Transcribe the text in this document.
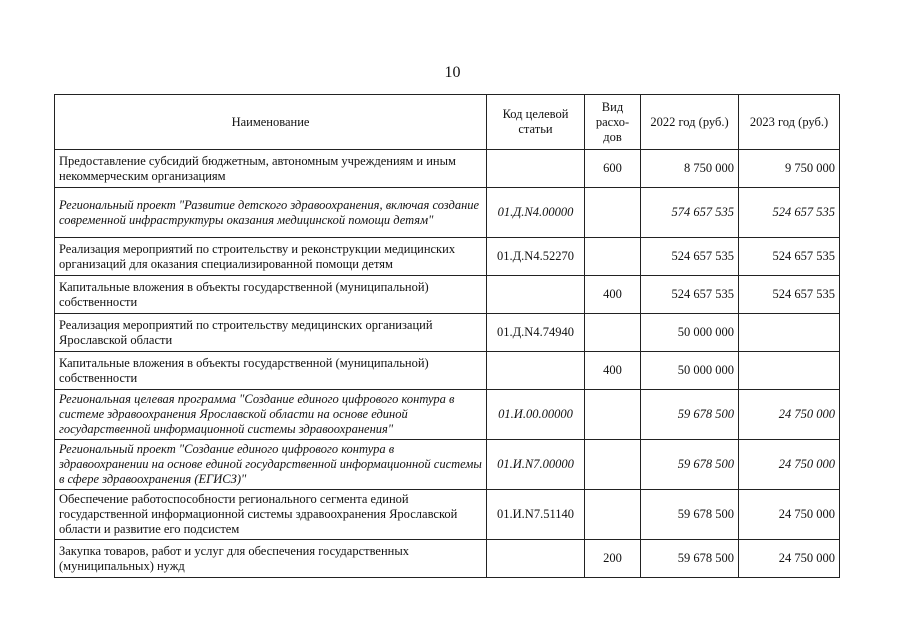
10
Наименование	Код целевой статьи	Вид расхо-дов	2022 год (руб.)	2023 год (руб.)
Предоставление субсидий бюджетным, автономным учреждениям и иным некоммерческим организациям		600	8 750 000	9 750 000
Региональный проект "Развитие детского здравоохранения, включая создание современной инфраструктуры оказания медицинской помощи детям"	01.Д.N4.00000		574 657 535	524 657 535
Реализация мероприятий по строительству и реконструкции медицинских организаций для оказания специализированной помощи детям	01.Д.N4.52270		524 657 535	524 657 535
Капитальные вложения в объекты государственной (муниципальной) собственности		400	524 657 535	524 657 535
Реализация мероприятий по строительству медицинских организаций Ярославской области	01.Д.N4.74940		50 000 000	
Капитальные вложения в объекты государственной (муниципальной) собственности		400	50 000 000	
Региональная целевая программа "Создание единого цифрового контура в системе здравоохранения Ярославской области на основе единой государственной информационной системы здравоохранения"	01.И.00.00000		59 678 500	24 750 000
Региональный проект "Создание единого цифрового контура в здравоохранении на основе единой государственной информационной системы в сфере здравоохранения (ЕГИСЗ)"	01.И.N7.00000		59 678 500	24 750 000
Обеспечение работоспособности регионального сегмента единой государственной информационной системы здравоохранения Ярославской области и развитие его подсистем	01.И.N7.51140		59 678 500	24 750 000
Закупка товаров, работ и услуг для обеспечения государственных (муниципальных) нужд		200	59 678 500	24 750 000
